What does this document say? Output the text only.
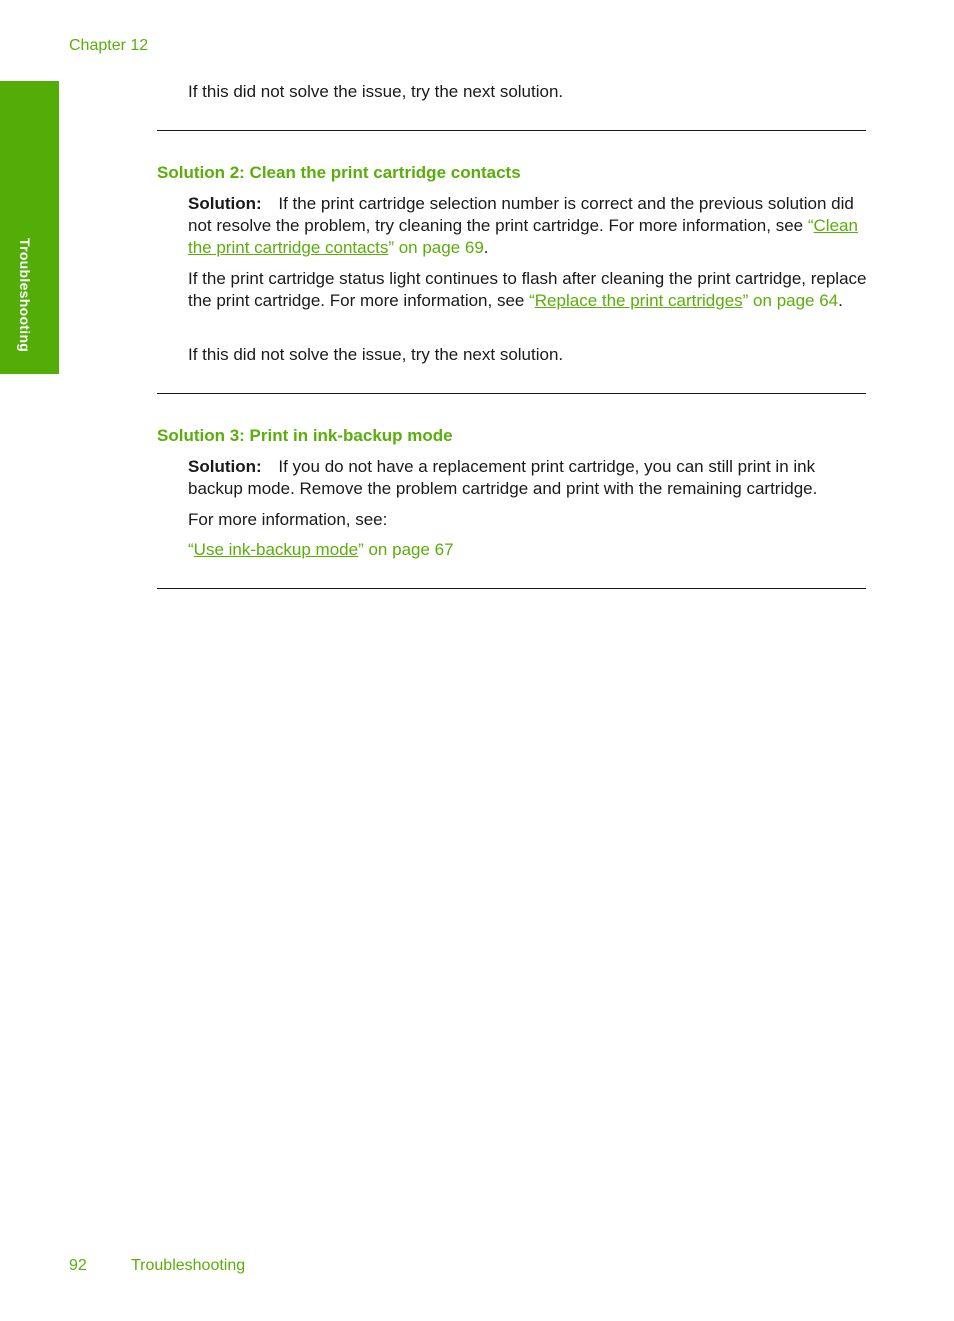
Chapter 12
Troubleshooting
If this did not solve the issue, try the next solution.
Solution 2: Clean the print cartridge contacts
Solution: If the print cartridge selection number is correct and the previous solution did not resolve the problem, try cleaning the print cartridge. For more information, see “Clean the print cartridge contacts” on page 69.
If the print cartridge status light continues to flash after cleaning the print cartridge, replace the print cartridge. For more information, see “Replace the print cartridges” on page 64.
If this did not solve the issue, try the next solution.
Solution 3: Print in ink-backup mode
Solution: If you do not have a replacement print cartridge, you can still print in ink backup mode. Remove the problem cartridge and print with the remaining cartridge.
For more information, see:
“Use ink-backup mode” on page 67
92	Troubleshooting
